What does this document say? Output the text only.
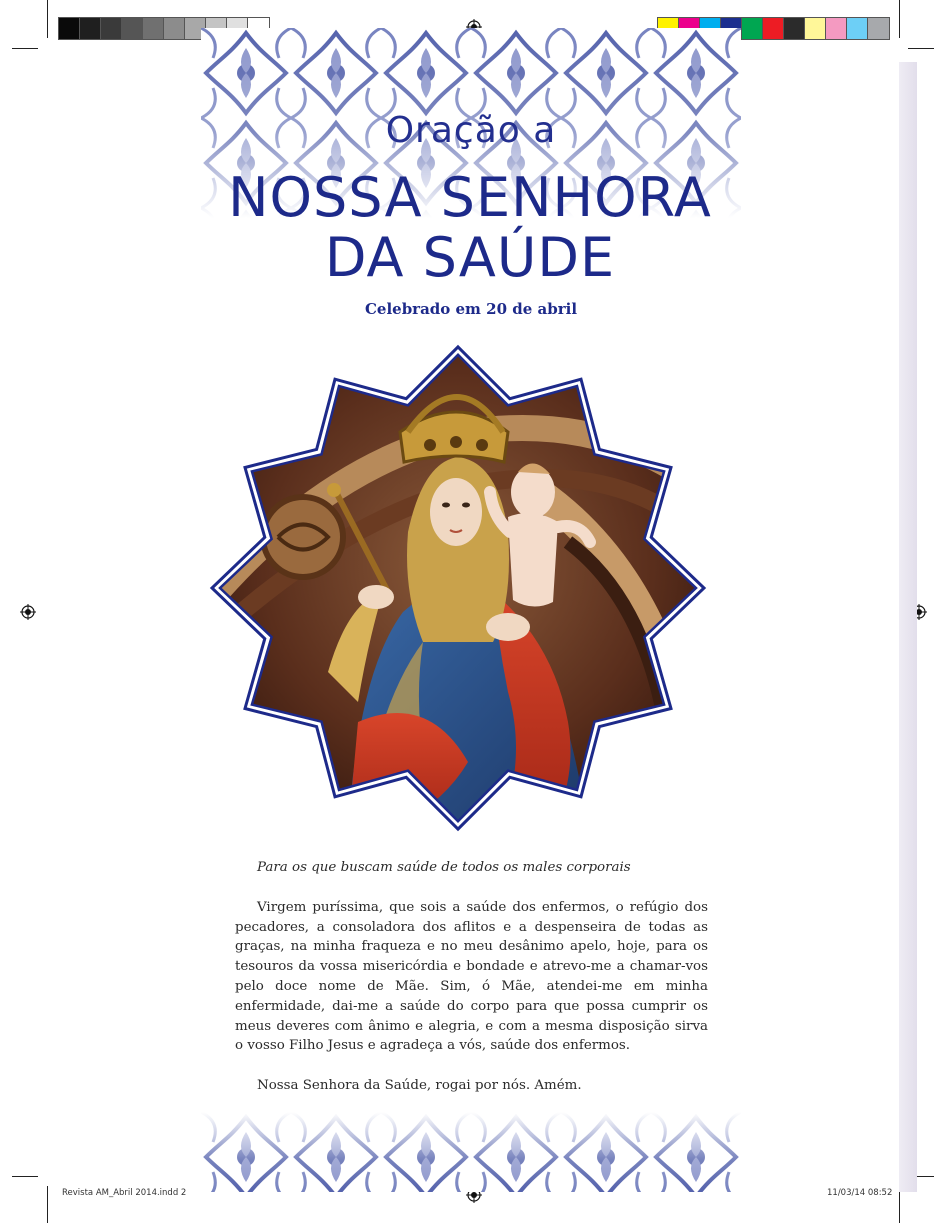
Oração a
NOSSA SENHORA
DA SAÚDE
Celebrado em 20 de abril

Para os que buscam saúde de todos os males corporais

Virgem puríssima, que sois a saúde dos enfermos, o refúgio dos pecadores, a consoladora dos aflitos e a despenseira de todas as graças, na minha fraqueza e no meu desânimo apelo, hoje, para os tesouros da vossa misericórdia e bondade e atrevo-me a chamar-vos pelo doce nome de Mãe. Sim, ó Mãe, atendei-me em minha enfermidade, dai-me a saúde do corpo para que possa cumprir os meus deveres com ânimo e alegria, e com a mesma disposição sirva o vosso Filho Jesus e agradeça a vós, saúde dos enfermos.

Nossa Senhora da Saúde, rogai por nós. Amém.

Revista AM_Abril 2014.indd 2	11/03/14 08:52
